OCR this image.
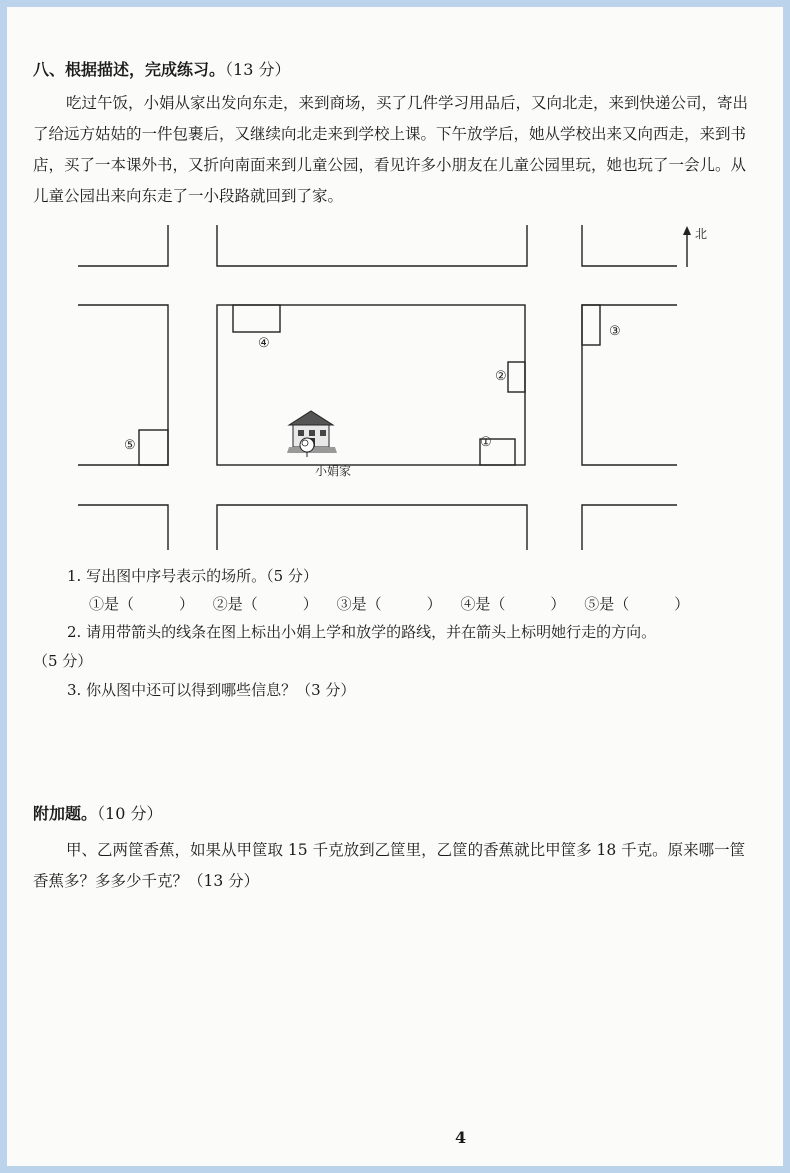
八、根据描述，完成练习。（13 分）

吃过午饭，小娟从家出发向东走，来到商场，买了几件学习用品后，又向北走，来到快递公司，寄出了给远方姑姑的一件包裹后，又继续向北走来到学校上课。下午放学后，她从学校出来又向西走，来到书店，买了一本课外书，又折向南面来到儿童公园，看见许多小朋友在儿童公园里玩，她也玩了一会儿。从儿童公园出来向东走了一小段路就回到了家。

①
②
③
④
⑤
北
小娟家
1. 写出图中序号表示的场所。（5 分）
①是（　　　） ②是（　　　） ③是（　　　） ④是（　　　） ⑤是（　　　）
2. 请用带箭头的线条在图上标出小娟上学和放学的路线，并在箭头上标明她行走的方向。
（5 分）
3. 你从图中还可以得到哪些信息？（3 分）
附加题。（10 分）

甲、乙两筐香蕉，如果从甲筐取 15 千克放到乙筐里，乙筐的香蕉就比甲筐多 18 千克。原来哪一筐香蕉多？多多少千克？（13 分）

4
